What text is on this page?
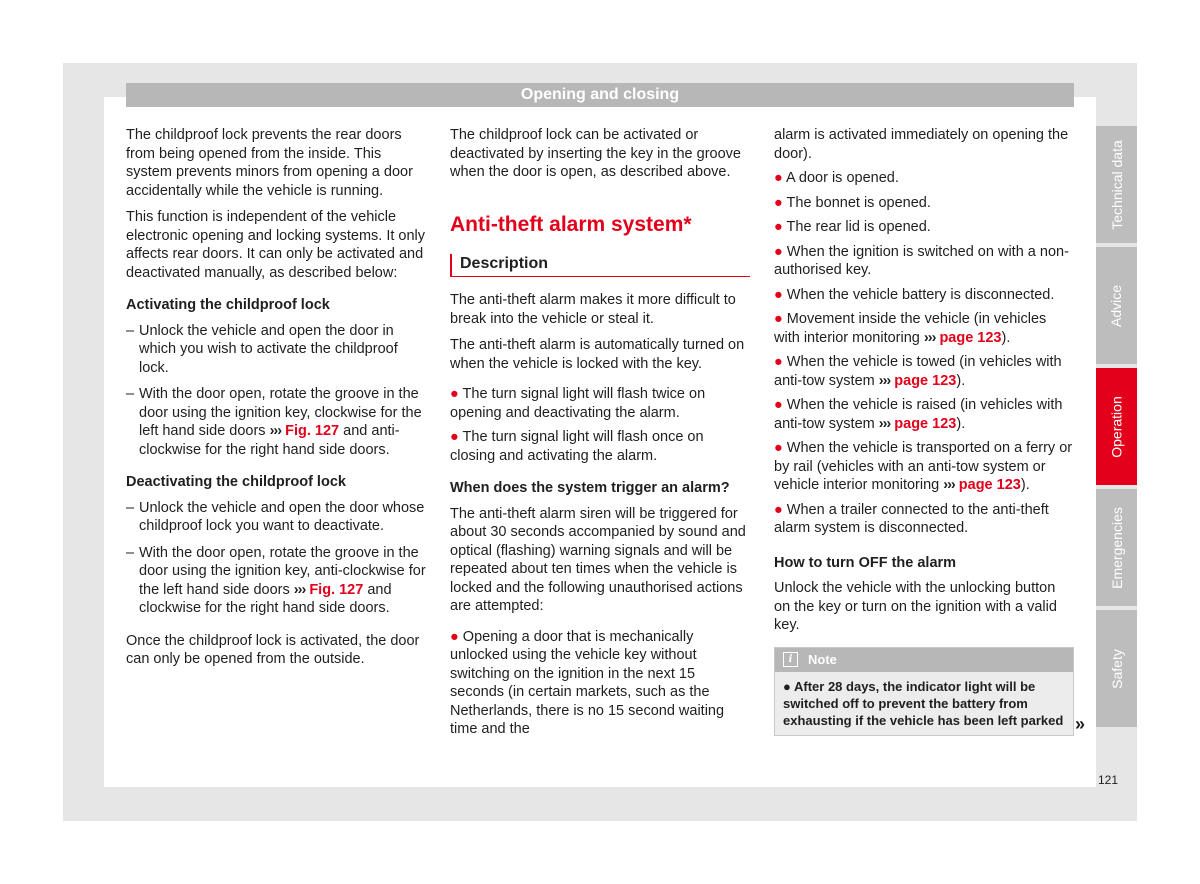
Opening and closing

The childproof lock prevents the rear doors from being opened from the inside. This system prevents minors from opening a door accidentally while the vehicle is running.

This function is independent of the vehicle electronic opening and locking systems. It only affects rear doors. It can only be activated and deactivated manually, as described below:

Activating the childproof lock
– Unlock the vehicle and open the door in which you wish to activate the childproof lock.
– With the door open, rotate the groove in the door using the ignition key, clockwise for the left hand side doors ››› Fig. 127 and anti-clockwise for the right hand side doors.
Deactivating the childproof lock
– Unlock the vehicle and open the door whose childproof lock you want to deactivate.
– With the door open, rotate the groove in the door using the ignition key, anti-clockwise for the left hand side doors ››› Fig. 127 and clockwise for the right hand side doors.

Once the childproof lock is activated, the door can only be opened from the outside.

The childproof lock can be activated or deactivated by inserting the key in the groove when the door is open, as described above.

Anti-theft alarm system*
Description

The anti-theft alarm makes it more difficult to break into the vehicle or steal it.

The anti-theft alarm is automatically turned on when the vehicle is locked with the key.

● The turn signal light will flash twice on opening and deactivating the alarm.
● The turn signal light will flash once on closing and activating the alarm.
When does the system trigger an alarm?

The anti-theft alarm siren will be triggered for about 30 seconds accompanied by sound and optical (flashing) warning signals and will be repeated about ten times when the vehicle is locked and the following unauthorised actions are attempted:

● Opening a door that is mechanically unlocked using the vehicle key without switching on the ignition in the next 15 seconds (in certain markets, such as the Netherlands, there is no 15 second waiting time and the

alarm is activated immediately on opening the door).

● A door is opened.
● The bonnet is opened.
● The rear lid is opened.
● When the ignition is switched on with a non-authorised key.
● When the vehicle battery is disconnected.
● Movement inside the vehicle (in vehicles with interior monitoring ››› page 123).
● When the vehicle is towed (in vehicles with anti-tow system ››› page 123).
● When the vehicle is raised (in vehicles with anti-tow system ››› page 123).
● When the vehicle is transported on a ferry or by rail (vehicles with an anti-tow system or vehicle interior monitoring ››› page 123).
● When a trailer connected to the anti-theft alarm system is disconnected.
How to turn OFF the alarm

Unlock the vehicle with the unlocking button on the key or turn on the ignition with a valid key.

i	Note
● After 28 days, the indicator light will be switched off to prevent the battery from exhausting if the vehicle has been left parked »
Technical data
Advice
Operation
Emergencies
Safety
121
